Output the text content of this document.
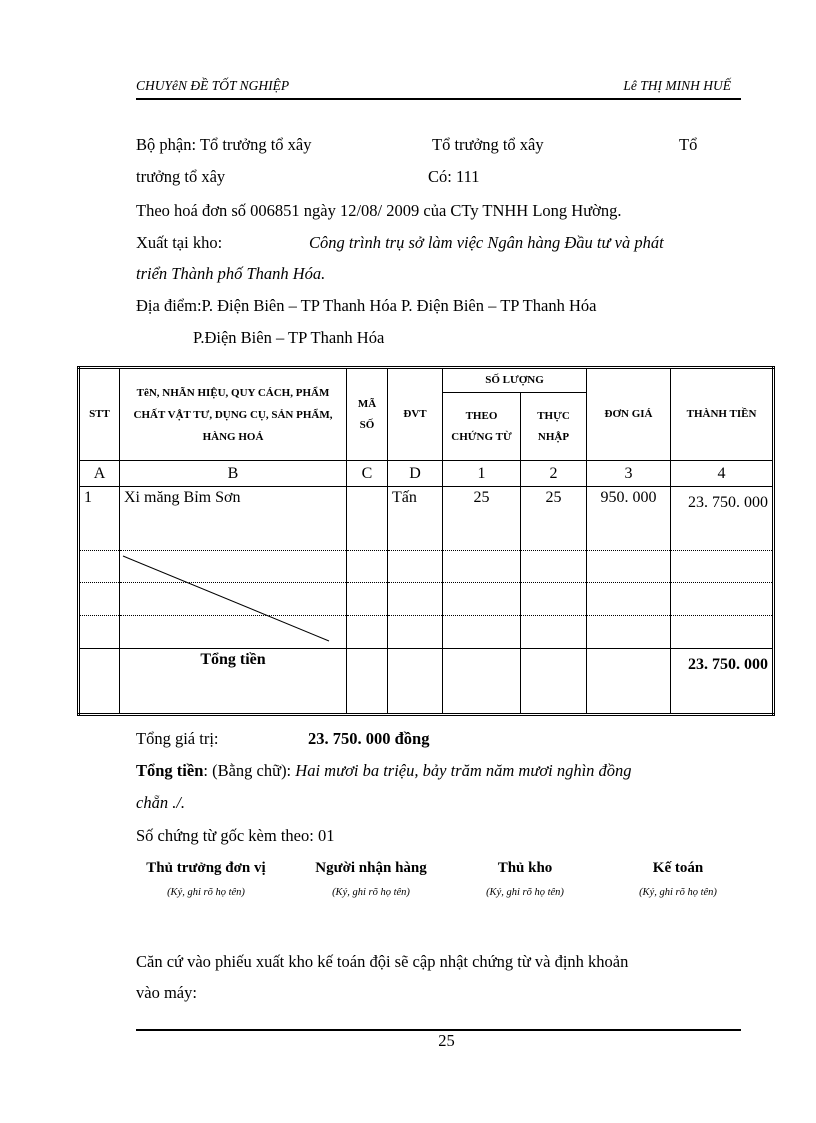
CHUYêN ĐỀ TỐT NGHIỆP	Lê THỊ MINH HUẾ
Bộ phận: Tổ trưởng tổ xây	Tổ trưởng tổ xây	Tổ
trưởng tổ xây	Có: 111
Theo hoá đơn số 006851 ngày 12/08/ 2009 của CTy TNHH Long Hường.
Xuất tại kho:	Công trình trụ sở làm việc Ngân hàng Đầu tư và phát
triển Thành phố Thanh Hóa.
Địa điểm:P. Điện Biên – TP Thanh Hóa P. Điện Biên – TP Thanh Hóa
P.Điện Biên – TP Thanh Hóa
STT	TêN, NHÃN HIỆU, QUY CÁCH, PHẨM CHẤT VẬT TƯ, DỤNG CỤ, SẢN PHẨM, HÀNG HOÁ	MÃ SỐ	ĐVT	SỐ LƯỢNG		ĐƠN GIÁ	THÀNH TIỀN
				THEO CHỨNG TỪ	THỰC NHẬP		
A	B	C	D	1	2	3	4
1	Xi măng Bỉm Sơn		Tấn	25	25	950. 000	23. 750. 000

	Tổng tiền						23. 750. 000
Tổng giá trị:	23. 750. 000 đồng
Tổng tiền: (Bằng chữ): Hai mươi ba triệu, bảy trăm năm mươi nghìn đồng
chẵn ./.
Số chứng từ gốc kèm theo: 01
Thủ trưởng đơn vị
(Ký, ghi rõ họ tên)
Người nhận hàng
(Ký, ghi rõ họ tên)
Thủ kho
(Ký, ghi rõ họ tên)
Kế toán
(Ký, ghi rõ họ tên)
Căn cứ vào phiếu xuất kho kế toán đội sẽ cập nhật chứng từ và định khoản
vào máy:
25
